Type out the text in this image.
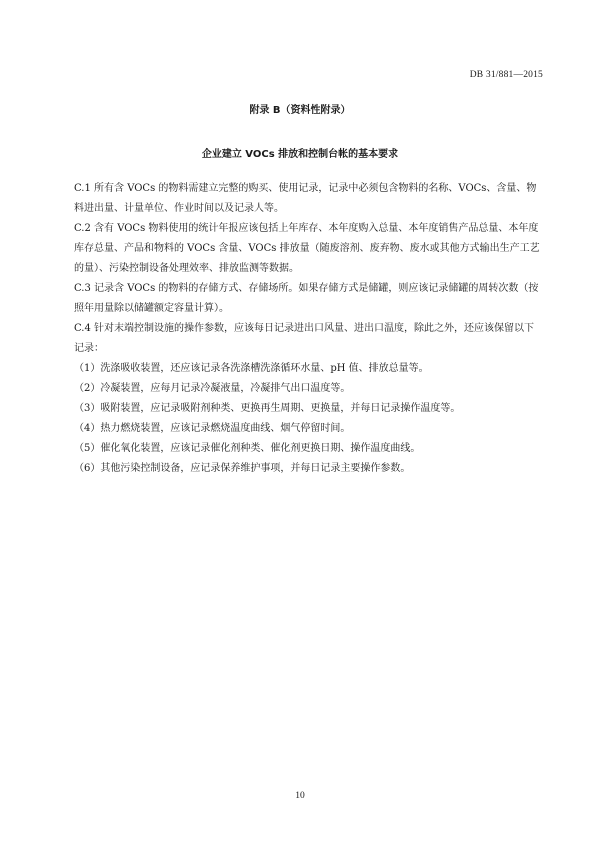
DB 31/881—2015
附录 B（资料性附录）
企业建立 VOCs 排放和控制台帐的基本要求

C.1 所有含 VOCs 的物料需建立完整的购买、使用记录，记录中必须包含物料的名称、VOCs、含量、物料进出量、计量单位、作业时间以及记录人等。

C.2 含有 VOCs 物料使用的统计年报应该包括上年库存、本年度购入总量、本年度销售产品总量、本年度库存总量、产品和物料的 VOCs 含量、VOCs 排放量（随废溶剂、废弃物、废水或其他方式输出生产工艺的量）、污染控制设备处理效率、排放监测等数据。

C.3 记录含 VOCs 的物料的存储方式、存储场所。如果存储方式是储罐，则应该记录储罐的周转次数（按照年用量除以储罐额定容量计算）。

C.4 针对末端控制设施的操作参数，应该每日记录进出口风量、进出口温度，除此之外，还应该保留以下记录：

（1）洗涤吸收装置，还应该记录各洗涤槽洗涤循环水量、pH 值、排放总量等。

（2）冷凝装置，应每月记录冷凝液量，冷凝排气出口温度等。

（3）吸附装置，应记录吸附剂种类、更换再生周期、更换量，并每日记录操作温度等。

（4）热力燃烧装置，应该记录燃烧温度曲线、烟气停留时间。

（5）催化氧化装置，应该记录催化剂种类、催化剂更换日期、操作温度曲线。

（6）其他污染控制设备，应记录保养维护事项，并每日记录主要操作参数。

10
